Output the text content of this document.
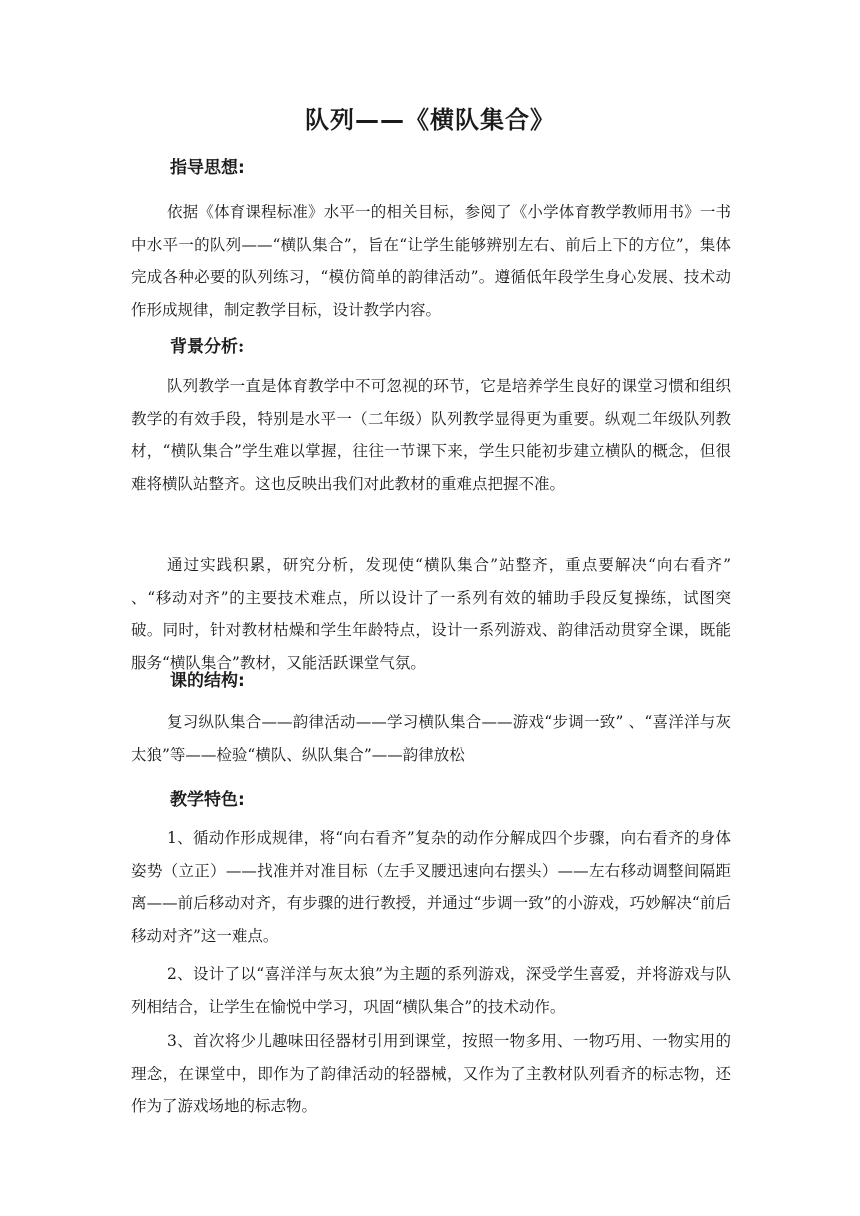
队列——《横队集合》
指导思想:

依据《体育课程标准》水平一的相关目标，参阅了《小学体育教学教师用书》一书中水平一的队列——“横队集合”，旨在“让学生能够辨别左右、前后上下的方位”，集体完成各种必要的队列练习，“模仿简单的韵律活动”。遵循低年段学生身心发展、技术动作形成规律，制定教学目标，设计教学内容。

背景分析:

队列教学一直是体育教学中不可忽视的环节，它是培养学生良好的课堂习惯和组织教学的有效手段，特别是水平一（二年级）队列教学显得更为重要。纵观二年级队列教材，“横队集合”学生难以掌握，往往一节课下来，学生只能初步建立横队的概念，但很难将横队站整齐。这也反映出我们对此教材的重难点把握不准。

通过实践积累，研究分析，发现使“横队集合”站整齐，重点要解决“向右看齐” 、“移动对齐”的主要技术难点，所以设计了一系列有效的辅助手段反复操练，试图突破。同时，针对教材枯燥和学生年龄特点，设计一系列游戏、韵律活动贯穿全课，既能服务“横队集合”教材，又能活跃课堂气氛。

课的结构:

复习纵队集合——韵律活动——学习横队集合——游戏“步调一致” 、“喜洋洋与灰太狼”等——检验“横队、纵队集合”——韵律放松

教学特色:

1、循动作形成规律，将“向右看齐”复杂的动作分解成四个步骤，向右看齐的身体姿势（立正）——找准并对准目标（左手叉腰迅速向右摆头）——左右移动调整间隔距离——前后移动对齐，有步骤的进行教授，并通过“步调一致”的小游戏，巧妙解决“前后移动对齐”这一难点。

2、设计了以“喜洋洋与灰太狼”为主题的系列游戏，深受学生喜爱，并将游戏与队列相结合，让学生在愉悦中学习，巩固“横队集合”的技术动作。

3、首次将少儿趣味田径器材引用到课堂，按照一物多用、一物巧用、一物实用的理念，在课堂中，即作为了韵律活动的轻器械，又作为了主教材队列看齐的标志物，还作为了游戏场地的标志物。
